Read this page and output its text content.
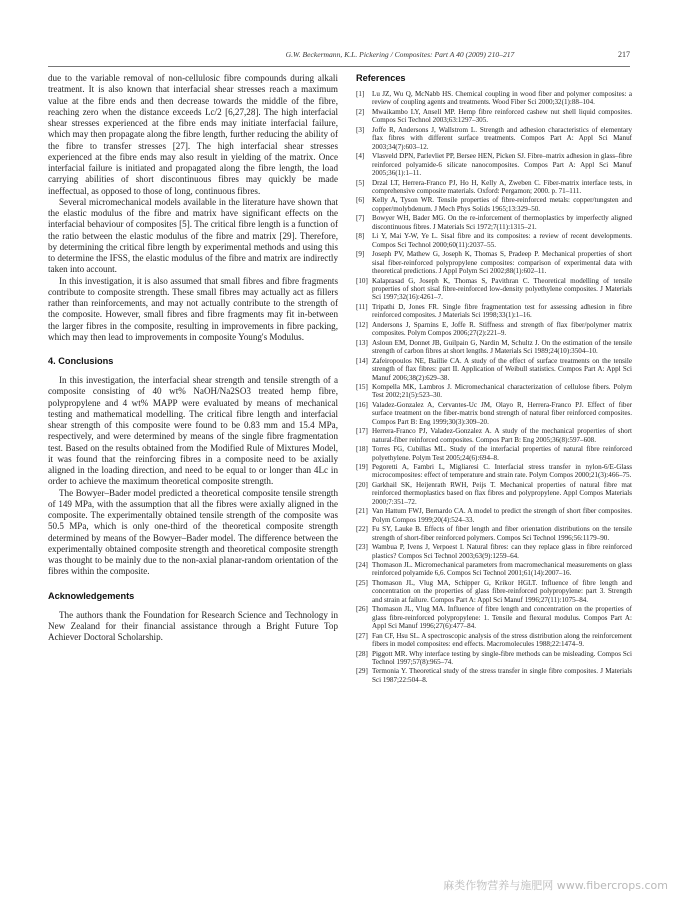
G.W. Beckermann, K.L. Pickering / Composites: Part A 40 (2009) 210–217	217

due to the variable removal of non-cellulosic fibre compounds during alkali treatment. It is also known that interfacial shear stresses reach a maximum value at the fibre ends and then decrease towards the middle of the fibre, reaching zero when the distance exceeds Lc/2 [6,27,28]. The high interfacial shear stresses experienced at the fibre ends may initiate interfacial failure, which may then propagate along the fibre length, further reducing the ability of the fibre to transfer stresses [27]. The high interfacial shear stresses experienced at the fibre ends may also result in yielding of the matrix. Once interfacial failure is initiated and propagated along the fibre length, the load carrying abilities of short discontinuous fibres may quickly be made ineffectual, as opposed to those of long, continuous fibres.

Several micromechanical models available in the literature have shown that the elastic modulus of the fibre and matrix have significant effects on the interfacial behaviour of composites [5]. The critical fibre length is a function of the ratio between the elastic modulus of the fibre and matrix [29]. Therefore, by determining the critical fibre length by experimental methods and using this to determine the IFSS, the elastic modulus of the fibre and matrix are indirectly taken into account.

In this investigation, it is also assumed that small fibres and fibre fragments contribute to composite strength. These small fibres may actually act as fillers rather than reinforcements, and may not actually contribute to the strength of the composite. However, small fibres and fibre fragments may fit in-between the larger fibres in the composite, resulting in improvements in fibre packing, which may then lead to improvements in composite Young's Modulus.

4. Conclusions

In this investigation, the interfacial shear strength and tensile strength of a composite consisting of 40 wt% NaOH/Na2SO3 treated hemp fibre, polypropylene and 4 wt% MAPP were evaluated by means of mechanical testing and mathematical modelling. The critical fibre length and interfacial shear strength of this composite were found to be 0.83 mm and 15.4 MPa, respectively, and were determined by means of the single fibre fragmentation test. Based on the results obtained from the Modified Rule of Mixtures Model, it was found that the reinforcing fibres in a composite need to be axially aligned in the loading direction, and need to be equal to or longer than 4Lc in order to achieve the maximum theoretical composite strength.

The Bowyer–Bader model predicted a theoretical composite tensile strength of 149 MPa, with the assumption that all the fibres were axially aligned in the composite. The experimentally obtained tensile strength of the composite was 50.5 MPa, which is only one-third of the theoretical composite strength determined by means of the Bowyer–Bader model. The difference between the experimentally obtained composite strength and theoretical composite strength was thought to be mainly due to the non-axial planar-random orientation of the fibres within the composite.

Acknowledgements

The authors thank the Foundation for Research Science and Technology in New Zealand for their financial assistance through a Bright Future Top Achiever Doctoral Scholarship.

References
[1] Lu JZ, Wu Q, McNabb HS. Chemical coupling in wood fiber and polymer composites: a review of coupling agents and treatments. Wood Fiber Sci 2000;32(1):88–104.
[2] Mwaikambo LY, Ansell MP. Hemp fibre reinforced cashew nut shell liquid composites. Compos Sci Technol 2003;63:1297–305.
[3] Joffe R, Andersons J, Wallstrom L. Strength and adhesion characteristics of elementary flax fibres with different surface treatments. Compos Part A: Appl Sci Manuf 2003;34(7):603–12.
[4] Vlasveld DPN, Parlevliet PP, Bersee HEN, Picken SJ. Fibre–matrix adhesion in glass–fibre reinforced polyamide-6 silicate nanocomposites. Compos Part A: Appl Sci Manuf 2005;36(1):1–11.
[5] Drzal LT, Herrera-Franco PJ, Ho H, Kelly A, Zweben C. Fiber-matrix interface tests, in comprehensive composite materials. Oxford: Pergamon; 2000. p. 71–111.
[6] Kelly A, Tyson WR. Tensile properties of fibre-reinforced metals: copper/tungsten and copper/molybdenum. J Mech Phys Solids 1965;13:329–50.
[7] Bowyer WH, Bader MG. On the re-inforcement of thermoplastics by imperfectly aligned discontinuous fibres. J Materials Sci 1972;7(11):1315–21.
[8] Li Y, Mai Y-W, Ye L. Sisal fibre and its composites: a review of recent developments. Compos Sci Technol 2000;60(11):2037–55.
[9] Joseph PV, Mathew G, Joseph K, Thomas S, Pradeep P. Mechanical properties of short sisal fiber-reinforced polypropylene composites: comparison of experimental data with theoretical predictions. J Appl Polym Sci 2002;88(1):602–11.
[10] Kalaprasad G, Joseph K, Thomas S, Pavithran C. Theoretical modelling of tensile properties of short sisal fibre-reinforced low-density polyethylene composites. J Materials Sci 1997;32(16):4261–7.
[11] Tripathi D, Jones FR. Single fibre fragmentation test for assessing adhesion in fibre reinforced composites. J Materials Sci 1998;33(1):1–16.
[12] Andersons J, Sparnins E, Joffe R. Stiffness and strength of flax fiber/polymer matrix composites. Polym Compos 2006;27(2):221–9.
[13] Asloun EM, Donnet JB, Guilpain G, Nardin M, Schultz J. On the estimation of the tensile strength of carbon fibres at short lengths. J Materials Sci 1989;24(10):3504–10.
[14] Zafeiropoulos NE, Baillie CA. A study of the effect of surface treatments on the tensile strength of flax fibres: part II. Application of Weibull statistics. Compos Part A: Appl Sci Manuf 2006;38(2):629–38.
[15] Kompella MK, Lambros J. Micromechanical characterization of cellulose fibers. Polym Test 2002;21(5):523–30.
[16] Valadez-Gonzalez A, Cervantes-Uc JM, Olayo R, Herrera-Franco PJ. Effect of fiber surface treatment on the fiber-matrix bond strength of natural fiber reinforced composites. Compos Part B: Eng 1999;30(3):309–20.
[17] Herrera-Franco PJ, Valadez-Gonzalez A. A study of the mechanical properties of short natural-fiber reinforced composites. Compos Part B: Eng 2005;36(8):597–608.
[18] Torres FG, Cubillas ML. Study of the interfacial properties of natural fibre reinforced polyethylene. Polym Test 2005;24(6):694–8.
[19] Pegoretti A, Fambri L, Migliaresi C. Interfacial stress transfer in nylon-6/E-Glass microcomposites: effect of temperature and strain rate. Polym Compos 2000;21(3):466–75.
[20] Garkhail SK, Heijenrath RWH, Peijs T. Mechanical properties of natural fibre mat reinforced thermoplastics based on flax fibres and polypropylene. Appl Compos Materials 2000;7:351–72.
[21] Van Hattum FWJ, Bernardo CA. A model to predict the strength of short fiber composites. Polym Compos 1999;20(4):524–33.
[22] Fu SY, Lauke B. Effects of fiber length and fiber orientation distributions on the tensile strength of short-fiber reinforced polymers. Compos Sci Technol 1996;56:1179–90.
[23] Wambua P, Ivens J, Verpoest I. Natural fibres: can they replace glass in fibre reinforced plastics? Compos Sci Technol 2003;63(9):1259–64.
[24] Thomason JL. Micromechanical parameters from macromechanical measurements on glass reinforced polyamide 6,6. Compos Sci Technol 2001;61(14):2007–16.
[25] Thomason JL, Vlug MA, Schipper G, Krikor HGLT. Influence of fibre length and concentration on the properties of glass fibre-reinforced polypropylene: part 3. Strength and strain at failure. Compos Part A: Appl Sci Manuf 1996;27(11):1075–84.
[26] Thomason JL, Vlug MA. Influence of fibre length and concentration on the properties of glass fibre-reinforced polypropylene: 1. Tensile and flexural modulus. Compos Part A: Appl Sci Manuf 1996;27(6):477–84.
[27] Fan CF, Hsu SL. A spectroscopic analysis of the stress distribution along the reinforcement fibers in model composites: end effects. Macromolecules 1988;22:1474–9.
[28] Piggott MR. Why interface testing by single-fibre methods can be misleading. Compos Sci Technol 1997;57(8):965–74.
[29] Termonia Y. Theoretical study of the stress transfer in single fibre composites. J Materials Sci 1987;22:504–8.
麻类作物营养与施肥网 www.fibercrops.com
